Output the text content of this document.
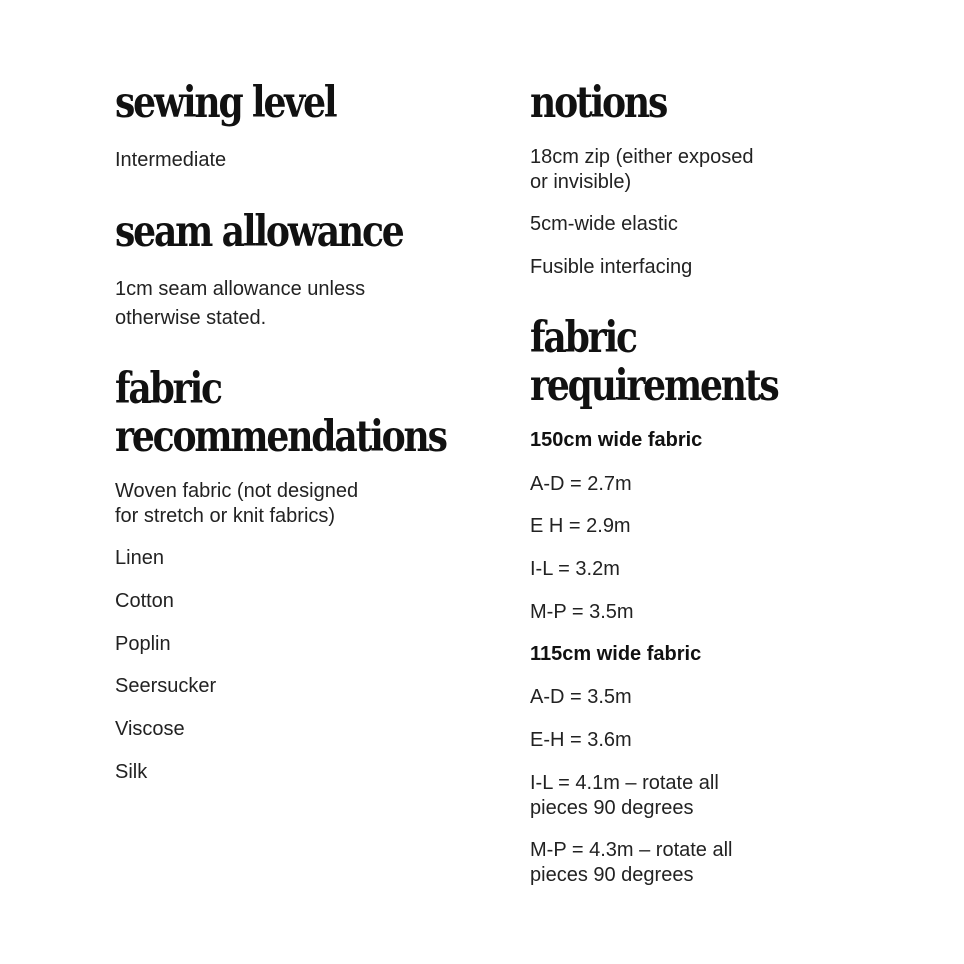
sewing level

Intermediate

seam allowance

1cm seam allowance unless

otherwise stated.

fabric
recommendations

Woven fabric (not designed

for stretch or knit fabrics)

Linen

Cotton

Poplin

Seersucker

Viscose

Silk

notions

18cm zip (either exposed

or invisible)

5cm-wide elastic

Fusible interfacing

fabric
requirements

150cm wide fabric

A-D = 2.7m

E H = 2.9m

I-L = 3.2m

M-P = 3.5m

115cm wide fabric

A-D = 3.5m

E-H = 3.6m

I-L = 4.1m – rotate all

pieces 90 degrees

M-P = 4.3m – rotate all

pieces 90 degrees
